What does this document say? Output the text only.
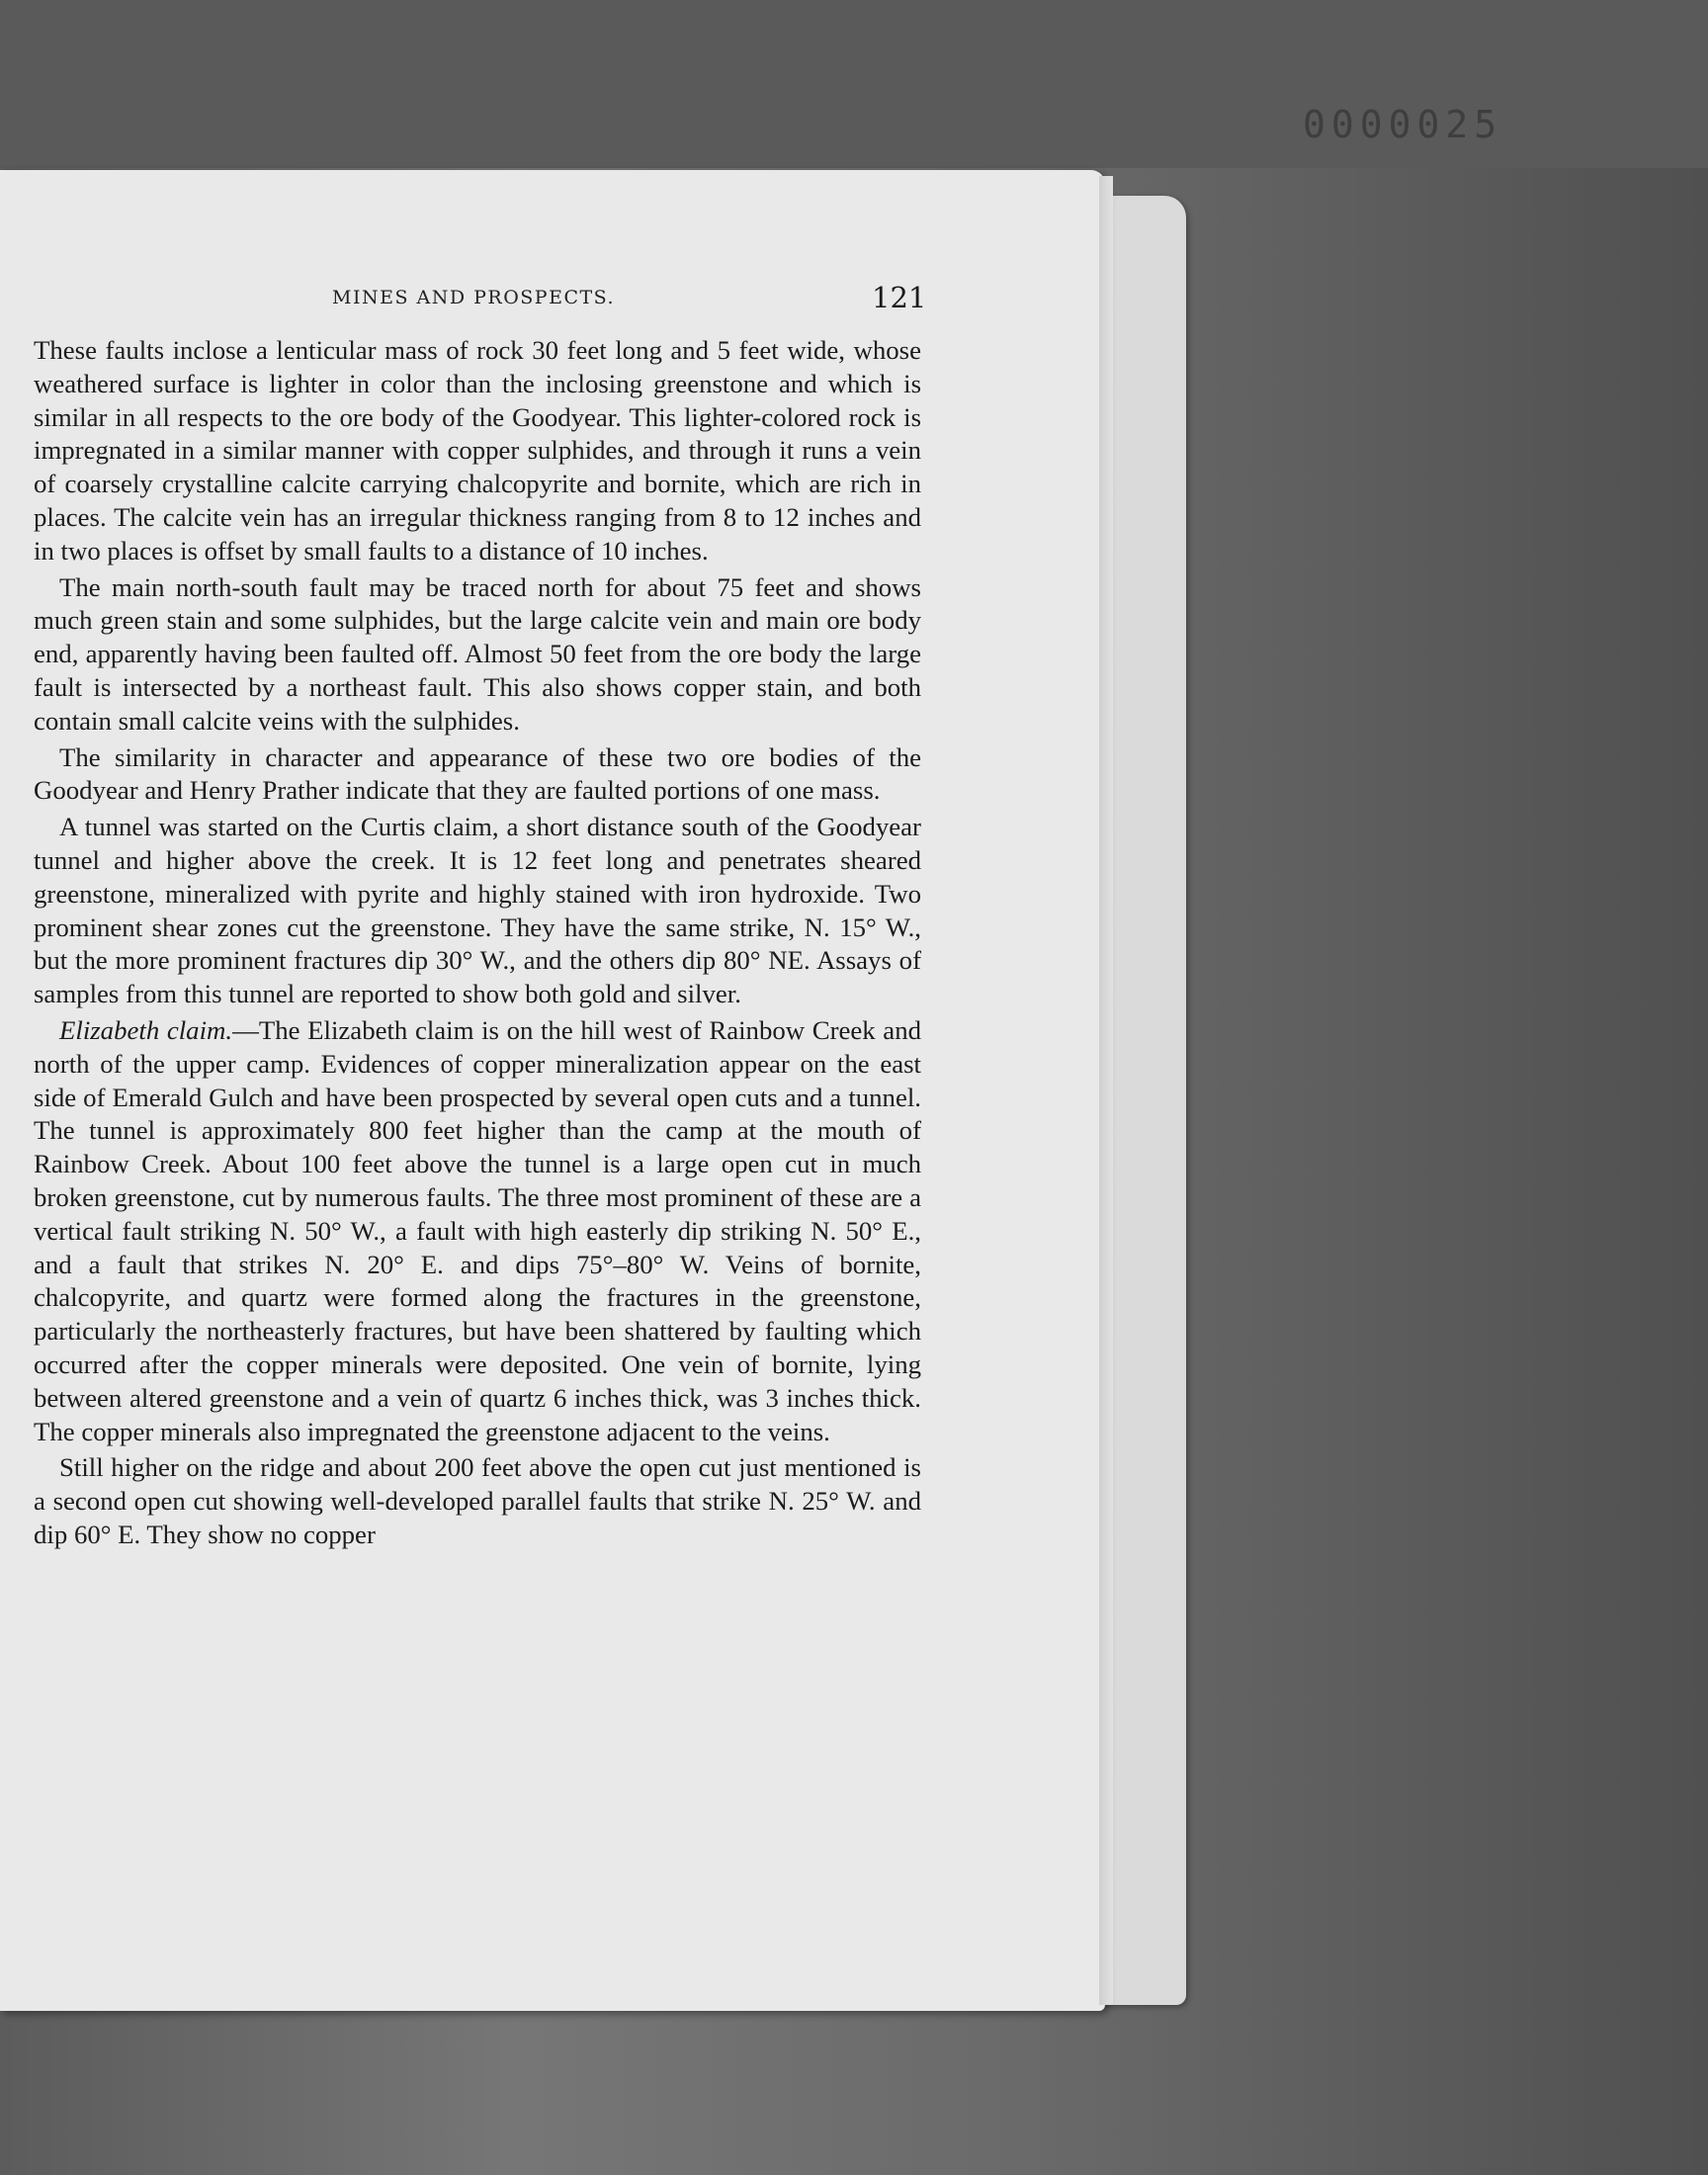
0000025
MINES AND PROSPECTS.	121

These faults inclose a lenticular mass of rock 30 feet long and 5 feet wide, whose weathered surface is lighter in color than the inclosing greenstone and which is similar in all respects to the ore body of the Goodyear. This lighter-colored rock is impregnated in a similar manner with copper sulphides, and through it runs a vein of coarsely crystalline calcite carrying chalcopyrite and bornite, which are rich in places. The calcite vein has an irregular thickness ranging from 8 to 12 inches and in two places is offset by small faults to a distance of 10 inches.

The main north-south fault may be traced north for about 75 feet and shows much green stain and some sulphides, but the large calcite vein and main ore body end, apparently having been faulted off. Almost 50 feet from the ore body the large fault is intersected by a northeast fault. This also shows copper stain, and both contain small calcite veins with the sulphides.

The similarity in character and appearance of these two ore bodies of the Goodyear and Henry Prather indicate that they are faulted portions of one mass.

A tunnel was started on the Curtis claim, a short distance south of the Goodyear tunnel and higher above the creek. It is 12 feet long and penetrates sheared greenstone, mineralized with pyrite and highly stained with iron hydroxide. Two prominent shear zones cut the greenstone. They have the same strike, N. 15° W., but the more prominent fractures dip 30° W., and the others dip 80° NE. Assays of samples from this tunnel are reported to show both gold and silver.

Elizabeth claim.—The Elizabeth claim is on the hill west of Rainbow Creek and north of the upper camp. Evidences of copper mineralization appear on the east side of Emerald Gulch and have been prospected by several open cuts and a tunnel. The tunnel is approximately 800 feet higher than the camp at the mouth of Rainbow Creek. About 100 feet above the tunnel is a large open cut in much broken greenstone, cut by numerous faults. The three most prominent of these are a vertical fault striking N. 50° W., a fault with high easterly dip striking N. 50° E., and a fault that strikes N. 20° E. and dips 75°–80° W. Veins of bornite, chalcopyrite, and quartz were formed along the fractures in the greenstone, particularly the northeasterly fractures, but have been shattered by faulting which occurred after the copper minerals were deposited. One vein of bornite, lying between altered greenstone and a vein of quartz 6 inches thick, was 3 inches thick. The copper minerals also impregnated the greenstone adjacent to the veins.

Still higher on the ridge and about 200 feet above the open cut just mentioned is a second open cut showing well-developed parallel faults that strike N. 25° W. and dip 60° E. They show no copper
